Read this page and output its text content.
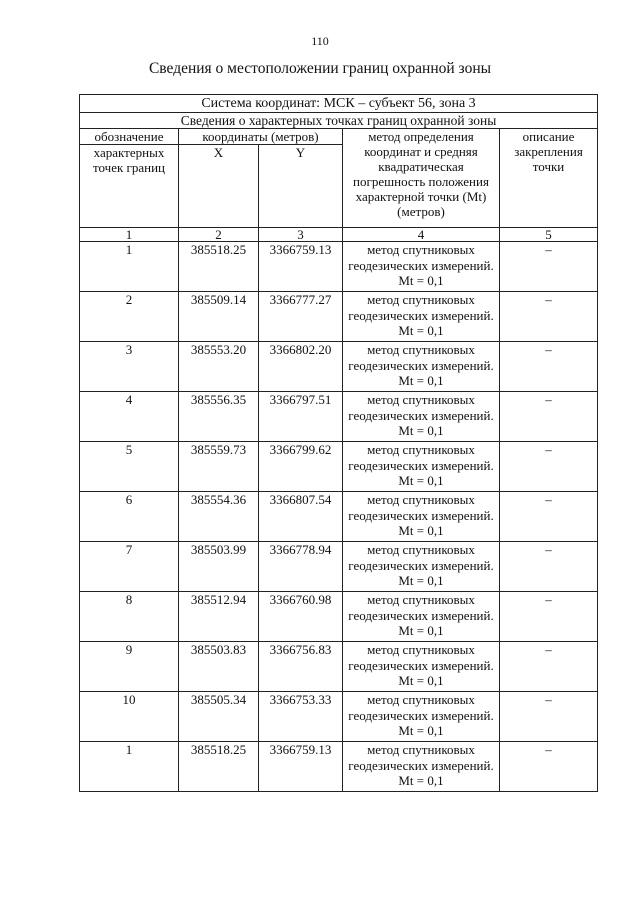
110
Сведения о местоположении границ охранной зоны
Система координат: МСК – субъект 56, зона 3				
Сведения о характерных точках границ охранной зоны				
обозначение	координаты (метров)		метод определения координат и средняя квадратическая погрешность положения характерной точки (Mt) (метров)	описание закрепления точки
характерных точек границ	X	Y		
1	2	3	4	5
1	385518.25	3366759.13	метод спутниковых геодезических измерений. Mt = 0,1	–
2	385509.14	3366777.27	метод спутниковых геодезических измерений. Mt = 0,1	–
3	385553.20	3366802.20	метод спутниковых геодезических измерений. Mt = 0,1	–
4	385556.35	3366797.51	метод спутниковых геодезических измерений. Mt = 0,1	–
5	385559.73	3366799.62	метод спутниковых геодезических измерений. Mt = 0,1	–
6	385554.36	3366807.54	метод спутниковых геодезических измерений. Mt = 0,1	–
7	385503.99	3366778.94	метод спутниковых геодезических измерений. Mt = 0,1	–
8	385512.94	3366760.98	метод спутниковых геодезических измерений. Mt = 0,1	–
9	385503.83	3366756.83	метод спутниковых геодезических измерений. Mt = 0,1	–
10	385505.34	3366753.33	метод спутниковых геодезических измерений. Mt = 0,1	–
1	385518.25	3366759.13	метод спутниковых геодезических измерений. Mt = 0,1	–
